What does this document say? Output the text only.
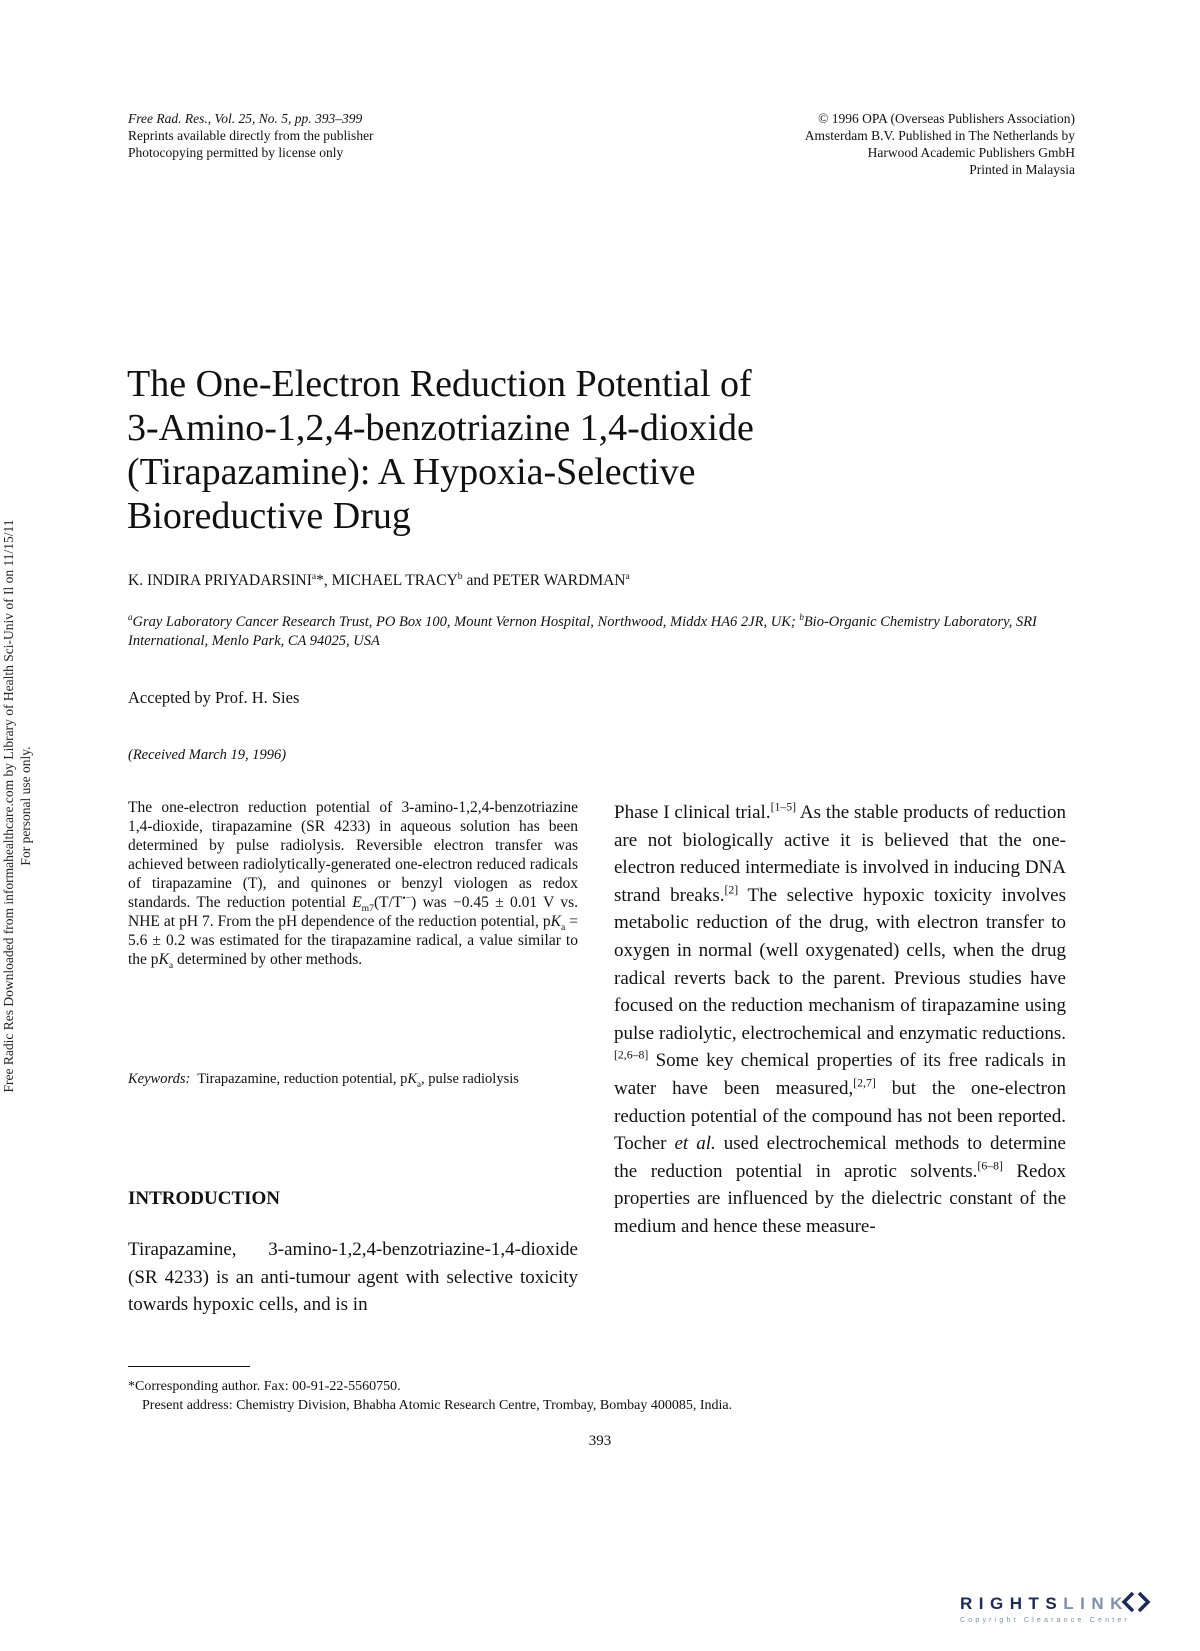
Free Rad. Res., Vol. 25, No. 5, pp. 393–399
Reprints available directly from the publisher
Photocopying permitted by license only
© 1996 OPA (Overseas Publishers Association)
Amsterdam B.V. Published in The Netherlands by
Harwood Academic Publishers GmbH
Printed in Malaysia
Free Radic Res Downloaded from informahealthcare.com by Library of Health Sci-Univ of Il on 11/15/11 For personal use only.
The One-Electron Reduction Potential of
3-Amino-1,2,4-benzotriazine 1,4-dioxide
(Tirapazamine): A Hypoxia-Selective
Bioreductive Drug
K. INDIRA PRIYADARSINI$^a$*, MICHAEL TRACY$^b$ and PETER WARDMAN$^a$
$^a$Gray Laboratory Cancer Research Trust, PO Box 100, Mount Vernon Hospital, Northwood, Middx HA6 2JR, UK; $^b$Bio-Organic Chemistry Laboratory, SRI International, Menlo Park, CA 94025, USA
Accepted by Prof. H. Sies
(Received March 19, 1996)
The one-electron reduction potential of 3-amino-1,2,4-benzotriazine 1,4-dioxide, tirapazamine (SR 4233) in aqueous solution has been determined by pulse radiolysis. Reversible electron transfer was achieved between radiolytically-generated one-electron reduced radicals of tirapazamine (T), and quinones or benzyl viologen as redox standards. The reduction potential $E_{m7}(T/T^{•-})$ was −0.45 ± 0.01 V vs. NHE at pH 7. From the pH dependence of the reduction potential, $pK_a = 5.6 \pm 0.2$ was estimated for the tirapazamine radical, a value similar to the $pK_a$ determined by other methods.
Keywords: Tirapazamine, reduction potential, $pK_a$, pulse radiolysis
INTRODUCTION
Tirapazamine, 3-amino-1,2,4-benzotriazine-1,4-dioxide (SR 4233) is an anti-tumour agent with selective toxicity towards hypoxic cells, and is in
Phase I clinical trial.[1–5] As the stable products of reduction are not biologically active it is believed that the one-electron reduced intermediate is involved in inducing DNA strand breaks.[2] The selective hypoxic toxicity involves metabolic reduction of the drug, with electron transfer to oxygen in normal (well oxygenated) cells, when the drug radical reverts back to the parent. Previous studies have focused on the reduction mechanism of tirapazamine using pulse radiolytic, electrochemical and enzymatic reductions.[2,6–8] Some key chemical properties of its free radicals in water have been measured,[2,7] but the one-electron reduction potential of the compound has not been reported. Tocher et al. used electrochemical methods to determine the reduction potential in aprotic solvents.[6–8] Redox properties are influenced by the dielectric constant of the medium and hence these measure-
*Corresponding author. Fax: 00-91-22-5560750.
Present address: Chemistry Division, Bhabha Atomic Research Centre, Trombay, Bombay 400085, India.
393
RIGHTSLINK
Copyright Clearance Center
